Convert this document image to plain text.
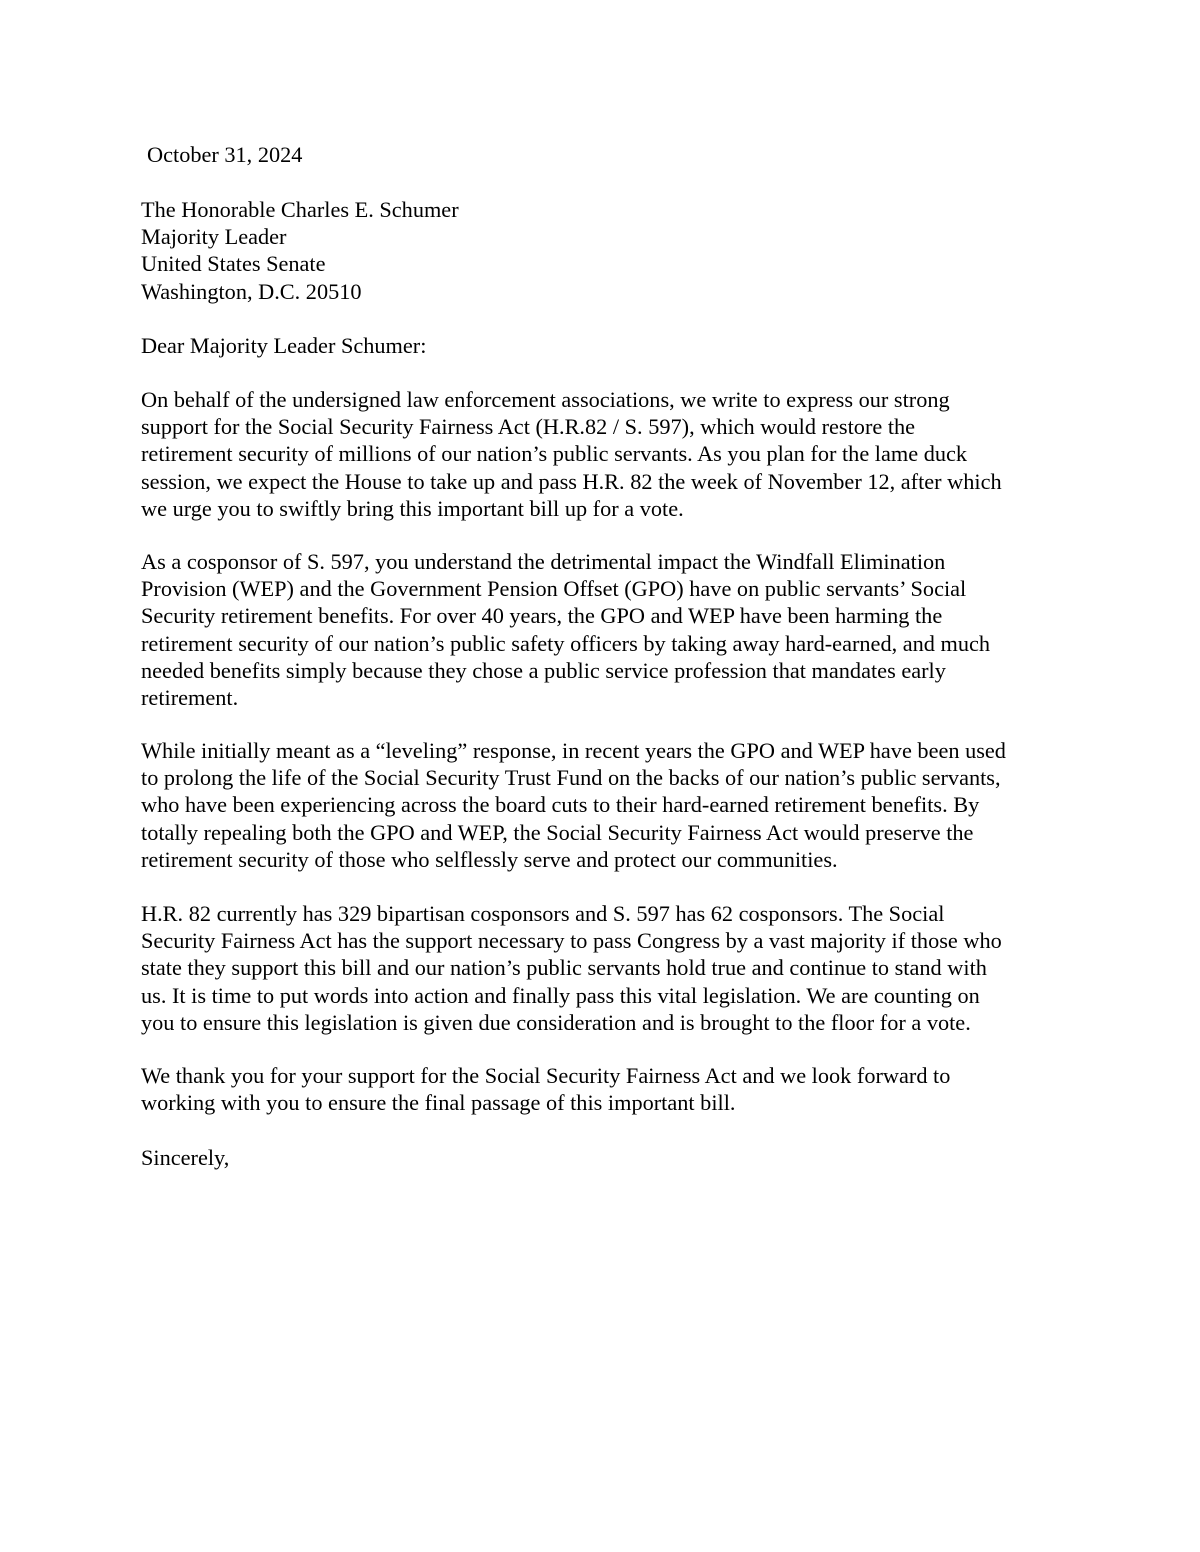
October 31, 2024

The Honorable Charles E. Schumer
Majority Leader
United States Senate
Washington, D.C. 20510

Dear Majority Leader Schumer:

On behalf of the undersigned law enforcement associations, we write to express our strong
support for the Social Security Fairness Act (H.R.82 / S. 597), which would restore the
retirement security of millions of our nation’s public servants. As you plan for the lame duck
session, we expect the House to take up and pass H.R. 82 the week of November 12, after which
we urge you to swiftly bring this important bill up for a vote.
As a cosponsor of S. 597, you understand the detrimental impact the Windfall Elimination
Provision (WEP) and the Government Pension Offset (GPO) have on public servants’ Social
Security retirement benefits. For over 40 years, the GPO and WEP have been harming the
retirement security of our nation’s public safety officers by taking away hard-earned, and much
needed benefits simply because they chose a public service profession that mandates early
retirement.
While initially meant as a “leveling” response, in recent years the GPO and WEP have been used
to prolong the life of the Social Security Trust Fund on the backs of our nation’s public servants,
who have been experiencing across the board cuts to their hard-earned retirement benefits. By
totally repealing both the GPO and WEP, the Social Security Fairness Act would preserve the
retirement security of those who selflessly serve and protect our communities.
H.R. 82 currently has 329 bipartisan cosponsors and S. 597 has 62 cosponsors. The Social
Security Fairness Act has the support necessary to pass Congress by a vast majority if those who
state they support this bill and our nation’s public servants hold true and continue to stand with
us. It is time to put words into action and finally pass this vital legislation. We are counting on
you to ensure this legislation is given due consideration and is brought to the floor for a vote.
We thank you for your support for the Social Security Fairness Act and we look forward to
working with you to ensure the final passage of this important bill.

Sincerely,
